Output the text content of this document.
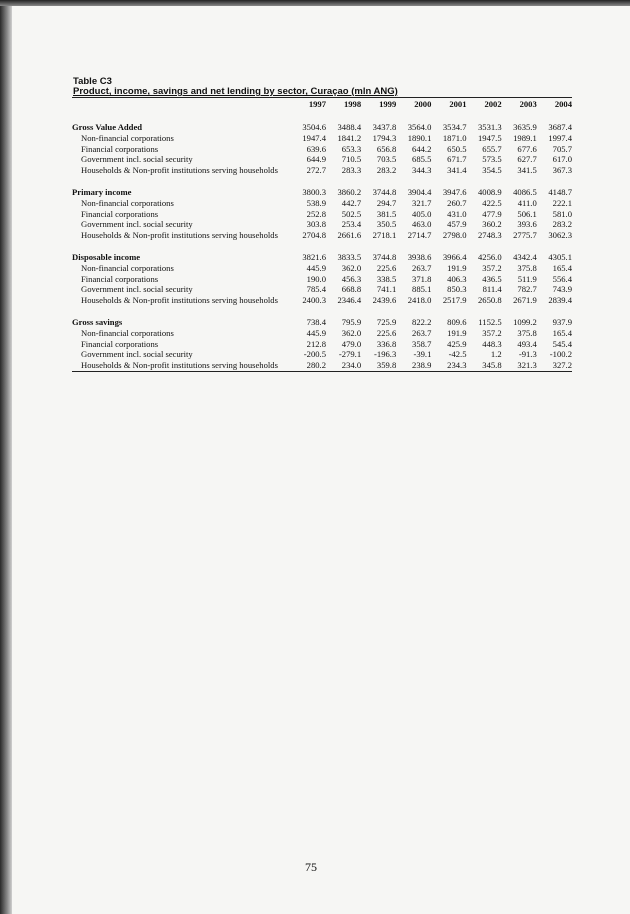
Table C3
Product, income, savings and net lending by sector, Curaçao (mln ANG)
	1997	1998	1999	2000	2001	2002	2003	2004

Gross Value Added	3504.6	3488.4	3437.8	3564.0	3534.7	3531.3	3635.9	3687.4
Non-financial corporations	1947.4	1841.2	1794.3	1890.1	1871.0	1947.5	1989.1	1997.4
Financial corporations	639.6	653.3	656.8	644.2	650.5	655.7	677.6	705.7
Government incl. social security	644.9	710.5	703.5	685.5	671.7	573.5	627.7	617.0
Households & Non-profit institutions serving households	272.7	283.3	283.2	344.3	341.4	354.5	341.5	367.3

Primary income	3800.3	3860.2	3744.8	3904.4	3947.6	4008.9	4086.5	4148.7
Non-financial corporations	538.9	442.7	294.7	321.7	260.7	422.5	411.0	222.1
Financial corporations	252.8	502.5	381.5	405.0	431.0	477.9	506.1	581.0
Government incl. social security	303.8	253.4	350.5	463.0	457.9	360.2	393.6	283.2
Households & Non-profit institutions serving households	2704.8	2661.6	2718.1	2714.7	2798.0	2748.3	2775.7	3062.3

Disposable income	3821.6	3833.5	3744.8	3938.6	3966.4	4256.0	4342.4	4305.1
Non-financial corporations	445.9	362.0	225.6	263.7	191.9	357.2	375.8	165.4
Financial corporations	190.0	456.3	338.5	371.8	406.3	436.5	511.9	556.4
Government incl. social security	785.4	668.8	741.1	885.1	850.3	811.4	782.7	743.9
Households & Non-profit institutions serving households	2400.3	2346.4	2439.6	2418.0	2517.9	2650.8	2671.9	2839.4

Gross savings	738.4	795.9	725.9	822.2	809.6	1152.5	1099.2	937.9
Non-financial corporations	445.9	362.0	225.6	263.7	191.9	357.2	375.8	165.4
Financial corporations	212.8	479.0	336.8	358.7	425.9	448.3	493.4	545.4
Government incl. social security	-200.5	-279.1	-196.3	-39.1	-42.5	1.2	-91.3	-100.2
Households & Non-profit institutions serving households	280.2	234.0	359.8	238.9	234.3	345.8	321.3	327.2
75
